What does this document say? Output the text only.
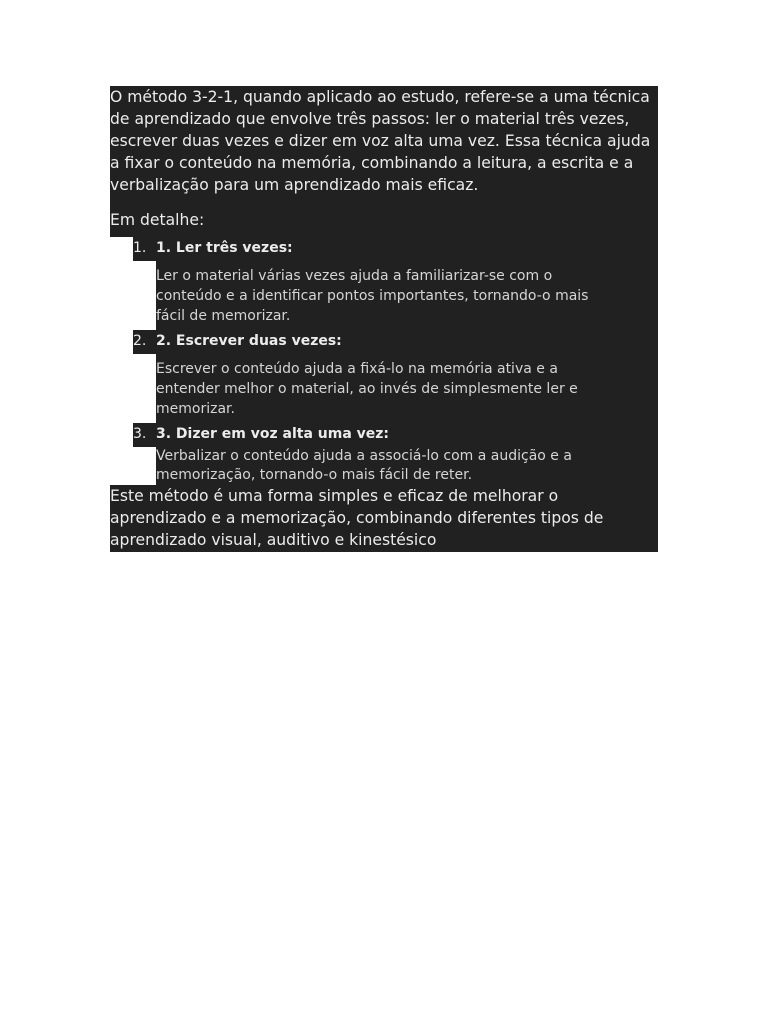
O método 3-2-1, quando aplicado ao estudo, refere-se a uma técnica de aprendizado que envolve três passos: ler o material três vezes, escrever duas vezes e dizer em voz alta uma vez. Essa técnica ajuda a fixar o conteúdo na memória, combinando a leitura, a escrita e a verbalização para um aprendizado mais eficaz.

Em detalhe:

1. 1. Ler três vezes:
Ler o material várias vezes ajuda a familiarizar-se com o
conteúdo e a identificar pontos importantes, tornando-o mais
fácil de memorizar.
2. 2. Escrever duas vezes:
Escrever o conteúdo ajuda a fixá-lo na memória ativa e a
entender melhor o material, ao invés de simplesmente ler e
memorizar.
3. 3. Dizer em voz alta uma vez:
Verbalizar o conteúdo ajuda a associá-lo com a audição e a
memorização, tornando-o mais fácil de reter.

Este método é uma forma simples e eficaz de melhorar o aprendizado e a memorização, combinando diferentes tipos de aprendizado visual, auditivo e kinestésico
